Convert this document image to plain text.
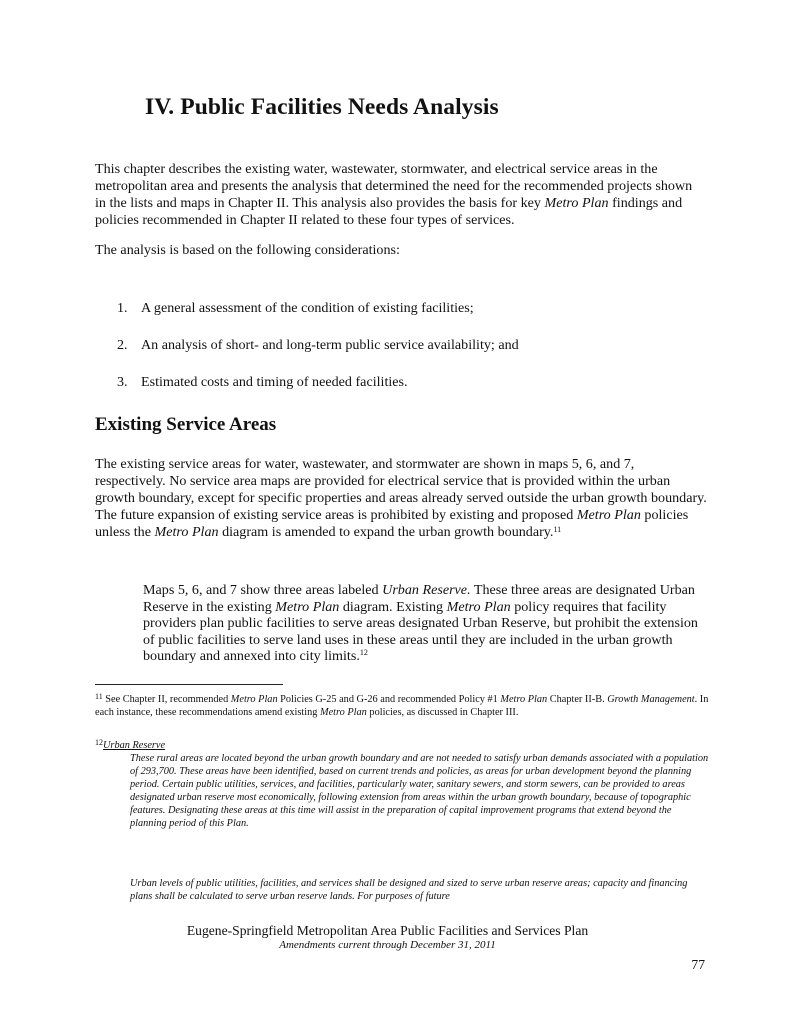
IV. Public Facilities Needs Analysis

This chapter describes the existing water, wastewater, stormwater, and electrical service areas in the metropolitan area and presents the analysis that determined the need for the recommended projects shown in the lists and maps in Chapter II. This analysis also provides the basis for key Metro Plan findings and policies recommended in Chapter II related to these four types of services.

The analysis is based on the following considerations:

1. A general assessment of the condition of existing facilities;
2. An analysis of short- and long-term public service availability; and
3. Estimated costs and timing of needed facilities.
Existing Service Areas

The existing service areas for water, wastewater, and stormwater are shown in maps 5, 6, and 7, respectively. No service area maps are provided for electrical service that is provided within the urban growth boundary, except for specific properties and areas already served outside the urban growth boundary. The future expansion of existing service areas is prohibited by existing and proposed Metro Plan policies unless the Metro Plan diagram is amended to expand the urban growth boundary.$^{11}$

Maps 5, 6, and 7 show three areas labeled Urban Reserve. These three areas are designated Urban Reserve in the existing Metro Plan diagram. Existing Metro Plan policy requires that facility providers plan public facilities to serve areas designated Urban Reserve, but prohibit the extension of public facilities to serve land uses in these areas until they are included in the urban growth boundary and annexed into city limits.$^{12}$

$^{11}$ See Chapter II, recommended Metro Plan Policies G-25 and G-26 and recommended Policy #1 Metro Plan Chapter II-B. Growth Management. In each instance, these recommendations amend existing Metro Plan policies, as discussed in Chapter III.

$^{12}$Urban Reserve

These rural areas are located beyond the urban growth boundary and are not needed to satisfy urban demands associated with a population of 293,700. These areas have been identified, based on current trends and policies, as areas for urban development beyond the planning period. Certain public utilities, services, and facilities, particularly water, sanitary sewers, and storm sewers, can be provided to areas designated urban reserve most economically, following extension from areas within the urban growth boundary, because of topographic features. Designating these areas at this time will assist in the preparation of capital improvement programs that extend beyond the planning period of this Plan.

Urban levels of public utilities, facilities, and services shall be designed and sized to serve urban reserve areas; capacity and financing plans shall be calculated to serve urban reserve lands. For purposes of future

Eugene-Springfield Metropolitan Area Public Facilities and Services Plan

Amendments current through December 31, 2011

77
